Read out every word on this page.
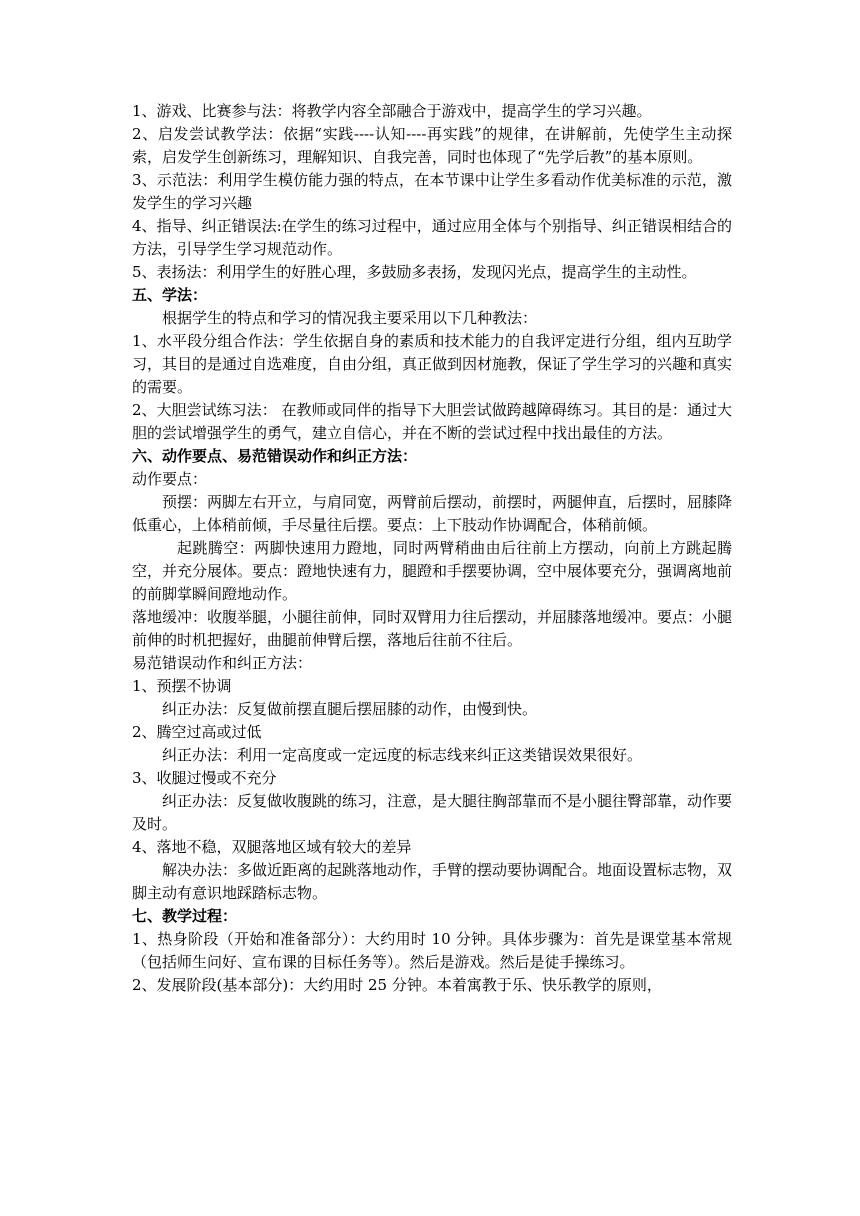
1、游戏、比赛参与法：将教学内容全部融合于游戏中，提高学生的学习兴趣。

2、启发尝试教学法：依据“实践----认知----再实践”的规律，在讲解前，先使学生主动探索，启发学生创新练习，理解知识、自我完善，同时也体现了“先学后教”的基本原则。

3、示范法：利用学生模仿能力强的特点，在本节课中让学生多看动作优美标准的示范，激发学生的学习兴趣

4、指导、纠正错误法:在学生的练习过程中，通过应用全体与个别指导、纠正错误相结合的方法，引导学生学习规范动作。

5、表扬法：利用学生的好胜心理，多鼓励多表扬，发现闪光点，提高学生的主动性。

五、学法：

根据学生的特点和学习的情况我主要采用以下几种教法：

1、水平段分组合作法：学生依据自身的素质和技术能力的自我评定进行分组，组内互助学习，其目的是通过自选难度，自由分组，真正做到因材施教，保证了学生学习的兴趣和真实的需要。

2、大胆尝试练习法： 在教师或同伴的指导下大胆尝试做跨越障碍练习。其目的是：通过大胆的尝试增强学生的勇气，建立自信心，并在不断的尝试过程中找出最佳的方法。

六、动作要点、易范错误动作和纠正方法：

动作要点：

预摆：两脚左右开立，与肩同宽，两臂前后摆动，前摆时，两腿伸直，后摆时，屈膝降低重心，上体稍前倾，手尽量往后摆。要点：上下肢动作协调配合，体稍前倾。

起跳腾空：两脚快速用力蹬地，同时两臂稍曲由后往前上方摆动，向前上方跳起腾空，并充分展体。要点：蹬地快速有力，腿蹬和手摆要协调，空中展体要充分，强调离地前的前脚掌瞬间蹬地动作。

落地缓冲：收腹举腿，小腿往前伸，同时双臂用力往后摆动，并屈膝落地缓冲。要点：小腿前伸的时机把握好，曲腿前伸臂后摆，落地后往前不往后。

易范错误动作和纠正方法：

1、预摆不协调

纠正办法：反复做前摆直腿后摆屈膝的动作，由慢到快。

2、腾空过高或过低

纠正办法：利用一定高度或一定远度的标志线来纠正这类错误效果很好。

3、收腿过慢或不充分

纠正办法：反复做收腹跳的练习，注意，是大腿往胸部靠而不是小腿往臀部靠，动作要及时。

4、落地不稳，双腿落地区域有较大的差异

解决办法：多做近距离的起跳落地动作，手臂的摆动要协调配合。地面设置标志物，双脚主动有意识地踩踏标志物。

七、教学过程：

1、热身阶段（开始和准备部分）：大约用时 10 分钟。具体步骤为：首先是课堂基本常规（包括师生问好、宣布课的目标任务等）。然后是游戏。然后是徒手操练习。

2、发展阶段(基本部分)：大约用时 25 分钟。本着寓教于乐、快乐教学的原则，
